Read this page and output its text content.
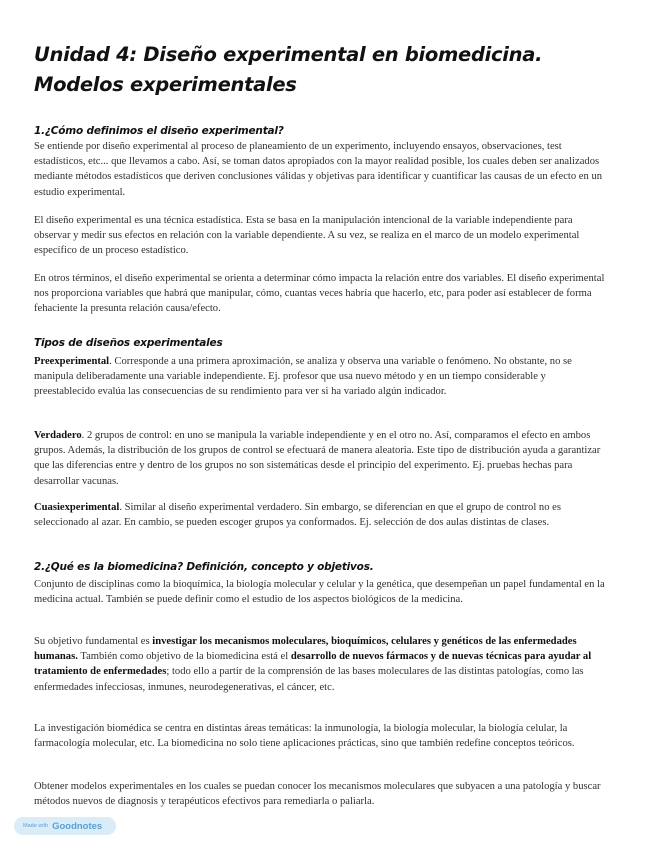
Unidad 4: Diseño experimental en biomedicina. Modelos experimentales
1.¿Cómo definimos el diseño experimental?

Se entiende por diseño experimental al proceso de planeamiento de un experimento, incluyendo ensayos, observaciones, test estadísticos, etc... que llevamos a cabo. Así, se toman datos apropiados con la mayor realidad posible, los cuales deben ser analizados mediante métodos estadísticos que deriven conclusiones válidas y objetivas para identificar y cuantificar las causas de un efecto en un estudio experimental.

El diseño experimental es una técnica estadística. Esta se basa en la manipulación intencional de la variable independiente para observar y medir sus efectos en relación con la variable dependiente. A su vez, se realiza en el marco de un modelo experimental específico de un proceso estadístico.

En otros términos, el diseño experimental se orienta a determinar cómo impacta la relación entre dos variables. El diseño experimental nos proporciona variables que habrá que manipular, cómo, cuantas veces habría que hacerlo, etc, para poder así establecer de forma fehaciente la presunta relación causa/efecto.

Tipos de diseños experimentales

Preexperimental. Corresponde a una primera aproximación, se analiza y observa una variable o fenómeno. No obstante, no se manipula deliberadamente una variable independiente. Ej. profesor que usa nuevo método y en un tiempo considerable y preestablecido evalúa las consecuencias de su rendimiento para ver si ha variado algún indicador.

Verdadero. 2 grupos de control: en uno se manipula la variable independiente y en el otro no. Así, comparamos el efecto en ambos grupos. Además, la distribución de los grupos de control se efectuará de manera aleatoria. Este tipo de distribución ayuda a garantizar que las diferencias entre y dentro de los grupos no son sistemáticas desde el principio del experimento. Ej. pruebas hechas para desarrollar vacunas.

Cuasiexperimental. Similar al diseño experimental verdadero. Sin embargo, se diferencian en que el grupo de control no es seleccionado al azar. En cambio, se pueden escoger grupos ya conformados. Ej. selección de dos aulas distintas de clases.

2.¿Qué es la biomedicina? Definición, concepto y objetivos.

Conjunto de disciplinas como la bioquímica, la biología molecular y celular y la genética, que desempeñan un papel fundamental en la medicina actual. También se puede definir como el estudio de los aspectos biológicos de la medicina.

Su objetivo fundamental es investigar los mecanismos moleculares, bioquímicos, celulares y genéticos de las enfermedades humanas. También como objetivo de la biomedicina está el desarrollo de nuevos fármacos y de nuevas técnicas para ayudar al tratamiento de enfermedades; todo ello a partir de la comprensión de las bases moleculares de las distintas patologías, como las enfermedades infecciosas, inmunes, neurodegenerativas, el cáncer, etc.

La investigación biomédica se centra en distintas áreas temáticas: la inmunología, la biología molecular, la biología celular, la farmacología molecular, etc. La biomedicina no solo tiene aplicaciones prácticas, sino que también redefine conceptos teóricos.

Obtener modelos experimentales en los cuales se puedan conocer los mecanismos moleculares que subyacen a una patología y buscar métodos nuevos de diagnosis y terapéuticos efectivos para remediarla o paliarla.

Made with Goodnotes
